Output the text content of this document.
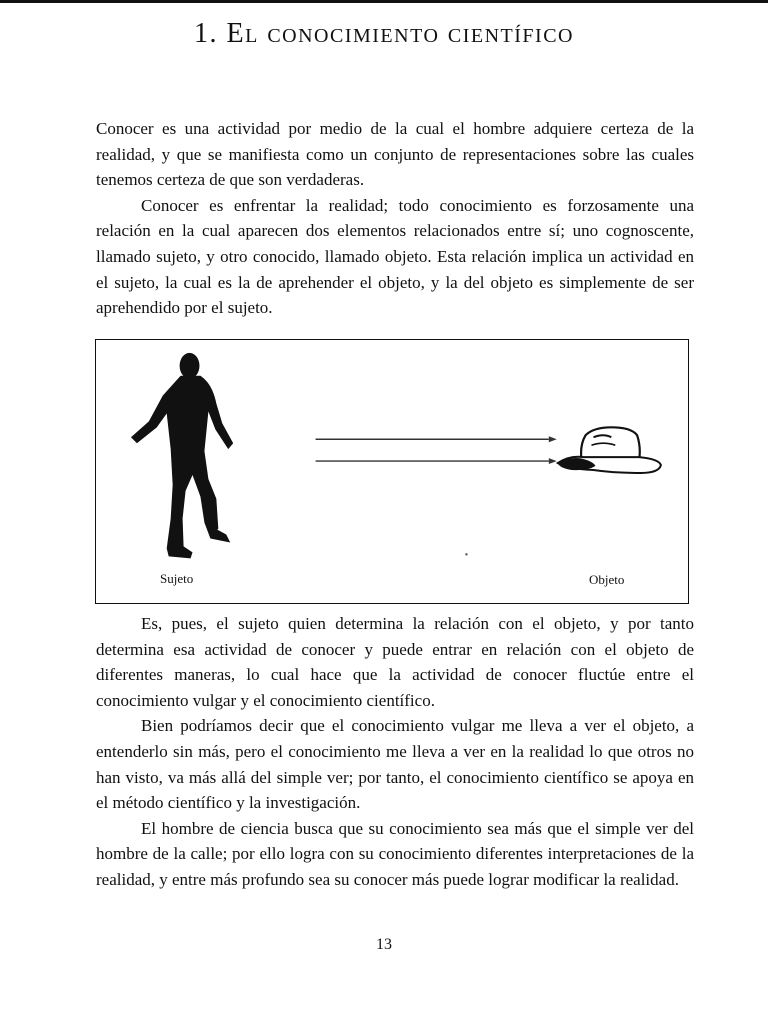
1. El conocimiento científico

Conocer es una actividad por medio de la cual el hombre adquiere certeza de la realidad, y que se manifiesta como un conjunto de representaciones sobre las cuales tenemos certeza de que son verdaderas.

Conocer es enfrentar la realidad; todo conocimiento es forzosamente una relación en la cual aparecen dos elementos relacionados entre sí; uno cognoscente, llamado sujeto, y otro conocido, llamado objeto. Esta relación implica un actividad en el sujeto, la cual es la de aprehender el objeto, y la del objeto es simplemente de ser aprehendido por el sujeto.

Sujeto	Objeto

Es, pues, el sujeto quien determina la relación con el objeto, y por tanto determina esa actividad de conocer y puede entrar en relación con el objeto de diferentes maneras, lo cual hace que la actividad de conocer fluctúe entre el conocimiento vulgar y el conocimiento científico.

Bien podríamos decir que el conocimiento vulgar me lleva a ver el objeto, a entenderlo sin más, pero el conocimiento me lleva a ver en la realidad lo que otros no han visto, va más allá del simple ver; por tanto, el conocimiento científico se apoya en el método científico y la investigación.

El hombre de ciencia busca que su conocimiento sea más que el simple ver del hombre de la calle; por ello logra con su conocimiento diferentes interpretaciones de la realidad, y entre más profundo sea su conocer más puede lograr modificar la realidad.

13
